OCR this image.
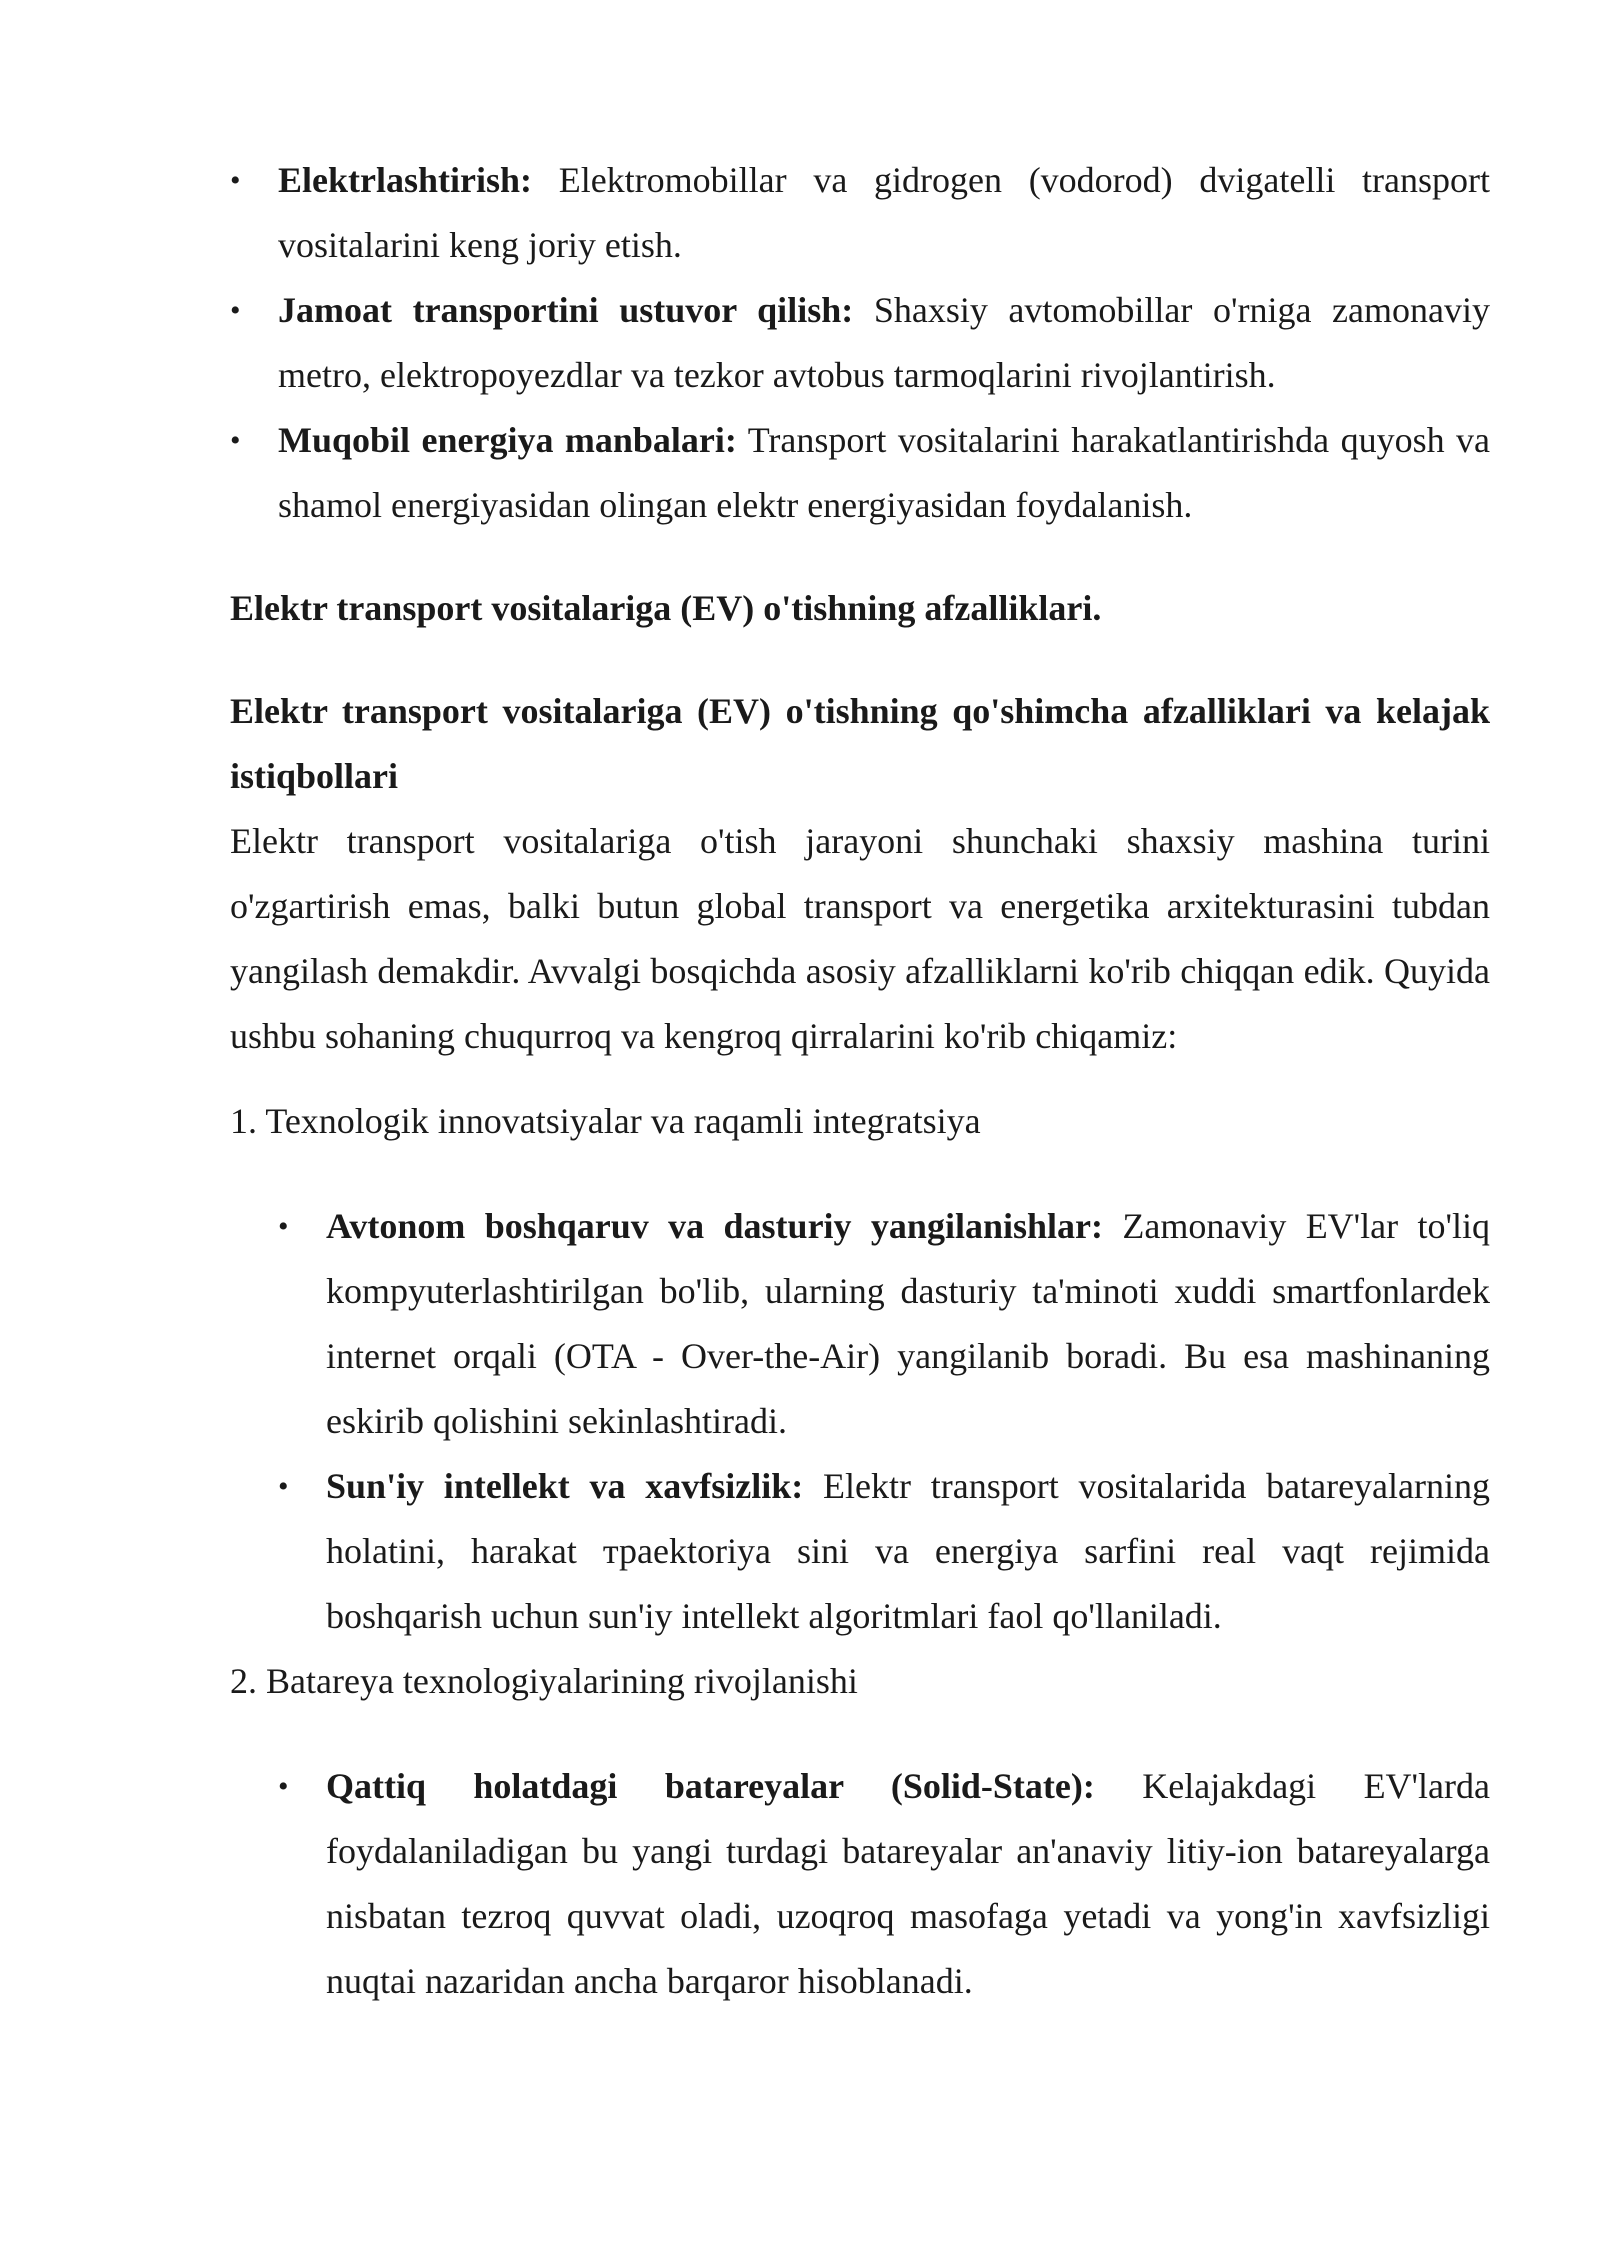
•	Elektrlashtirish: Elektromobillar va gidrogen (vodorod) dvigatelli transport vositalarini keng joriy etish.
•	Jamoat transportini ustuvor qilish: Shaxsiy avtomobillar o'rniga zamonaviy metro, elektropoyezdlar va tezkor avtobus tarmoqlarini rivojlantirish.
•	Muqobil energiya manbalari: Transport vositalarini harakatlantirishda quyosh va shamol energiyasidan olingan elektr energiyasidan foydalanish.
Elektr transport vositalariga (EV) o'tishning afzalliklari.
Elektr transport vositalariga (EV) o'tishning qo'shimcha afzalliklari va kelajak istiqbollari

Elektr transport vositalariga o'tish jarayoni shunchaki shaxsiy mashina turini o'zgartirish emas, balki butun global transport va energetika arxitekturasini tubdan yangilash demakdir. Avvalgi bosqichda asosiy afzalliklarni ko'rib chiqqan edik. Quyida ushbu sohaning chuqurroq va kengroq qirralarini ko'rib chiqamiz:

1. Texnologik innovatsiyalar va raqamli integratsiya

•	Avtonom boshqaruv va dasturiy yangilanishlar: Zamonaviy EV'lar to'liq kompyuterlashtirilgan bo'lib, ularning dasturiy ta'minoti xuddi smartfonlardek internet orqali (OTA - Over-the-Air) yangilanib boradi. Bu esa mashinaning eskirib qolishini sekinlashtiradi.
•	Sun'iy intellekt va xavfsizlik: Elektr transport vositalarida batareyalarning holatini, harakat траektoriya sini va energiya sarfini real vaqt rejimida boshqarish uchun sun'iy intellekt algoritmlari faol qo'llaniladi.

2. Batareya texnologiyalarining rivojlanishi

•	Qattiq holatdagi batareyalar (Solid-State): Kelajakdagi EV'larda foydalaniladigan bu yangi turdagi batareyalar an'anaviy litiy-ion batareyalarga nisbatan tezroq quvvat oladi, uzoqroq masofaga yetadi va yong'in xavfsizligi nuqtai nazaridan ancha barqaror hisoblanadi.
